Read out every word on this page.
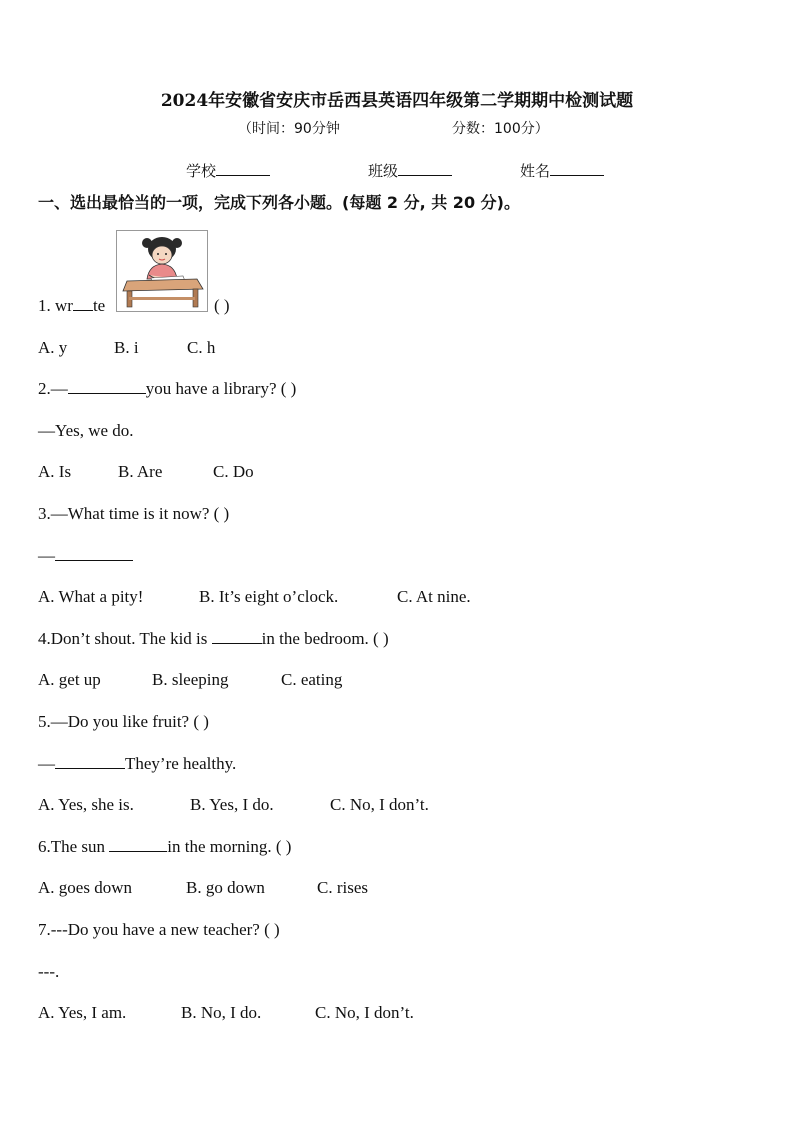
2024年安徽省安庆市岳西县英语四年级第二学期期中检测试题
（时间：90分钟	分数：100分）
学校	班级	姓名
一、选出最恰当的一项，完成下列各小题。(每题 2 分, 共 20 分)。
1. wr te	( )
A. y	B. i	C. h
2.—	you have a library? ( )
—Yes, we do.
A. Is	B. Are	C. Do
3.—What time is it now? ( )
—
A. What a pity!	B. It’s eight o’clock.	C. At nine.
4.Don’t shout. The kid is	in the bedroom. ( )
A. get up	B. sleeping	C. eating
5.—Do you like fruit? ( )
—	They’re healthy.
A. Yes, she is.	B. Yes, I do.	C. No, I don’t.
6.The sun	in the morning. ( )
A. goes down	B. go down	C. rises
7.---Do you have a new teacher? ( )
---.
A. Yes, I am.	B. No, I do.	C. No, I don’t.
